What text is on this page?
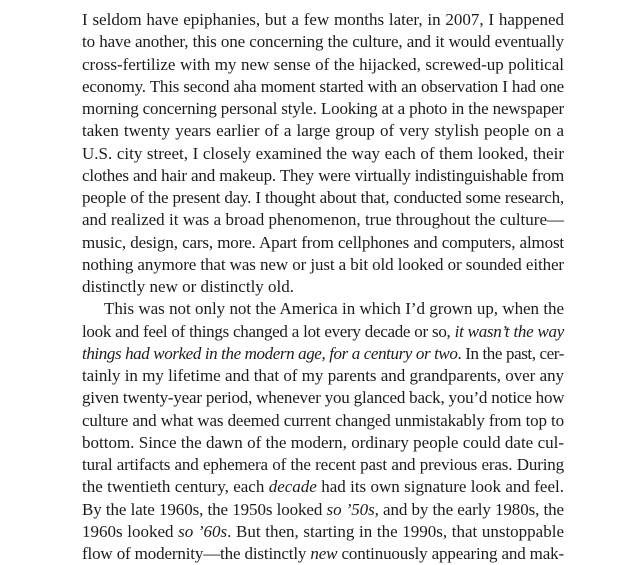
I seldom have epiphanies, but a few months later, in 2007, I happened
to have another, this one concerning the culture, and it would eventually
cross-fertilize with my new sense of the hijacked, screwed-up political
economy. This second aha moment started with an observation I had one
morning concerning personal style. Looking at a photo in the newspaper
taken twenty years earlier of a large group of very stylish people on a
U.S. city street, I closely examined the way each of them looked, their
clothes and hair and makeup. They were virtually indistinguishable from
people of the present day. I thought about that, conducted some research,
and realized it was a broad phenomenon, true throughout the culture—
music, design, cars, more. Apart from cellphones and computers, almost
nothing anymore that was new or just a bit old looked or sounded either
distinctly new or distinctly old.
This was not only not the America in which I’d grown up, when the
look and feel of things changed a lot every decade or so, it wasn’t the way
things had worked in the modern age, for a century or two. In the past, cer-
tainly in my lifetime and that of my parents and grandparents, over any
given twenty-year period, whenever you glanced back, you’d notice how
culture and what was deemed current changed unmistakably from top to
bottom. Since the dawn of the modern, ordinary people could date cul-
tural artifacts and ephemera of the recent past and previous eras. During
the twentieth century, each decade had its own signature look and feel.
By the late 1960s, the 1950s looked so ’50s, and by the early 1980s, the
1960s looked so ’60s. But then, starting in the 1990s, that unstoppable
flow of modernity—the distinctly new continuously appearing and mak-
